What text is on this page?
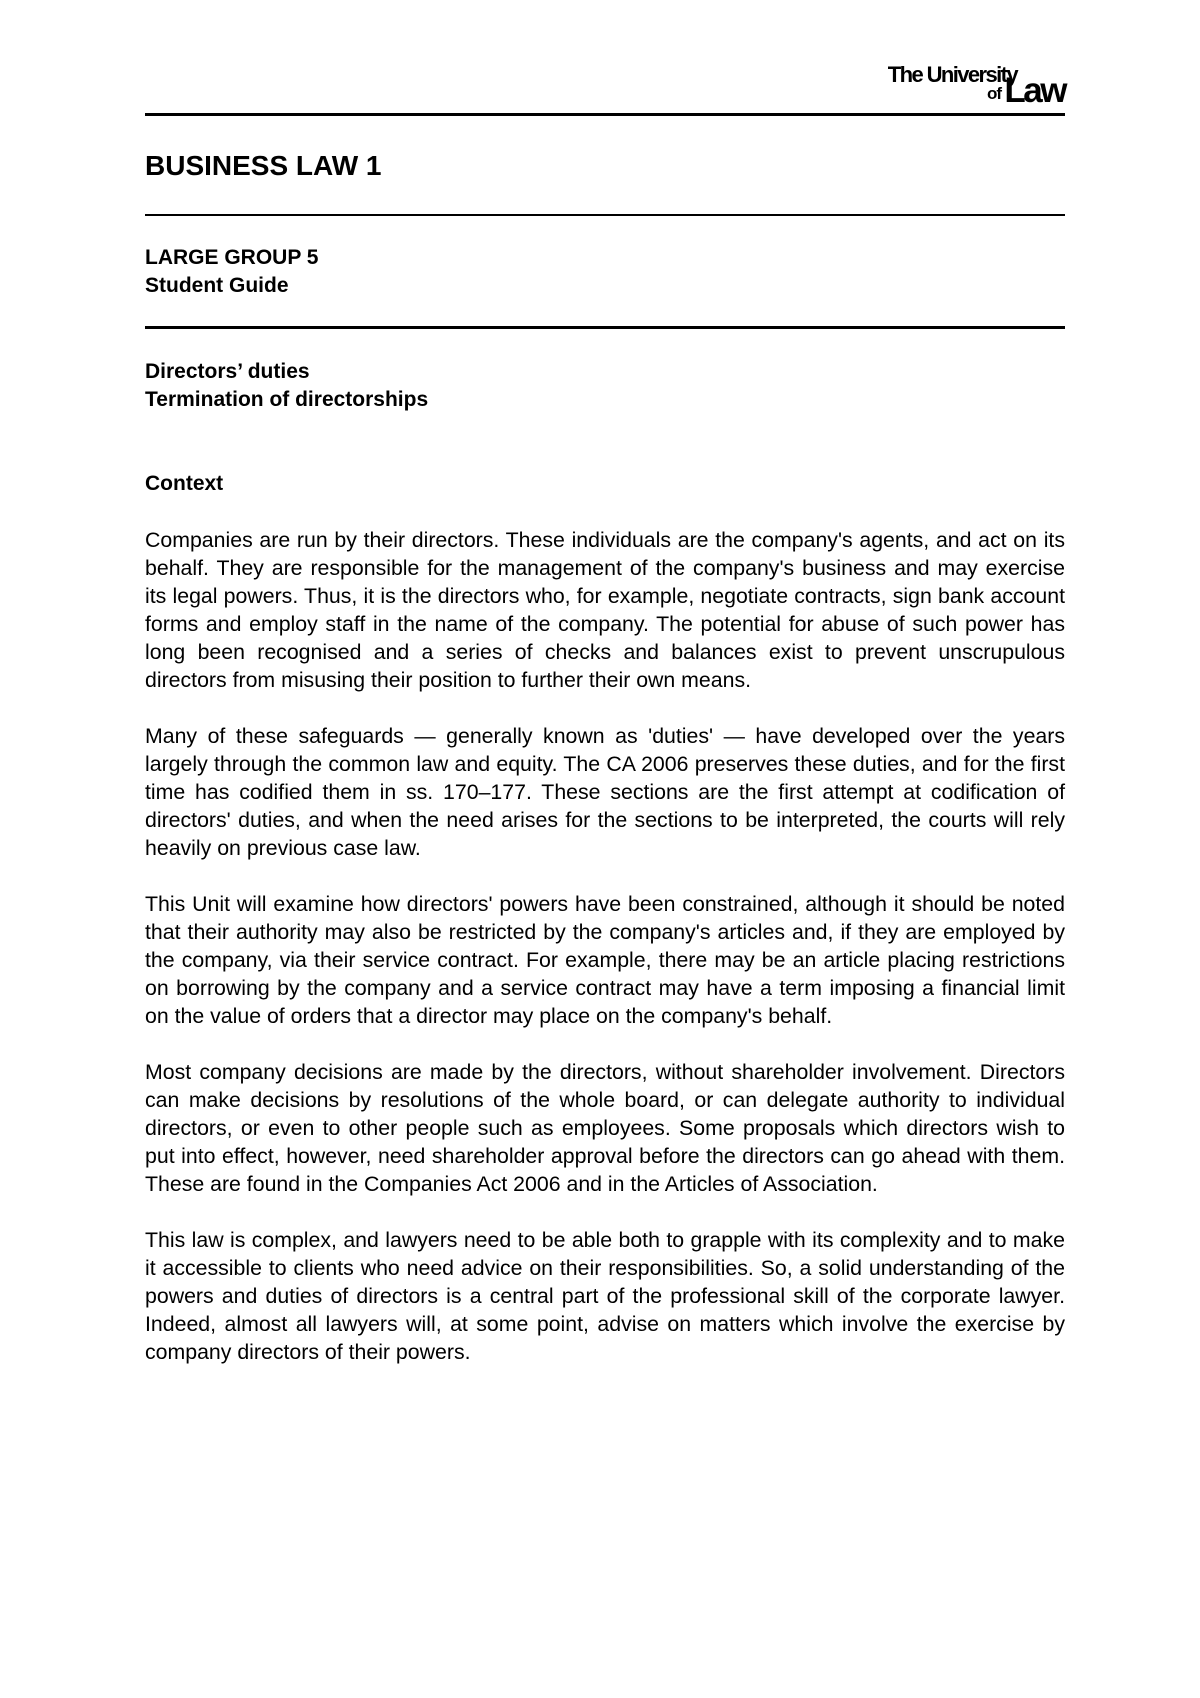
The University
of Law
BUSINESS LAW 1
LARGE GROUP 5
Student Guide
Directors’ duties
Termination of directorships
Context

Companies are run by their directors. These individuals are the company's agents, and act on its behalf. They are responsible for the management of the company's business and may exercise its legal powers. Thus, it is the directors who, for example, negotiate contracts, sign bank account forms and employ staff in the name of the company. The potential for abuse of such power has long been recognised and a series of checks and balances exist to prevent unscrupulous directors from misusing their position to further their own means.

Many of these safeguards — generally known as 'duties' — have developed over the years largely through the common law and equity. The CA 2006 preserves these duties, and for the first time has codified them in ss. 170–177. These sections are the first attempt at codification of directors' duties, and when the need arises for the sections to be interpreted, the courts will rely heavily on previous case law.

This Unit will examine how directors' powers have been constrained, although it should be noted that their authority may also be restricted by the company's articles and, if they are employed by the company, via their service contract. For example, there may be an article placing restrictions on borrowing by the company and a service contract may have a term imposing a financial limit on the value of orders that a director may place on the company's behalf.

Most company decisions are made by the directors, without shareholder involvement. Directors can make decisions by resolutions of the whole board, or can delegate authority to individual directors, or even to other people such as employees. Some proposals which directors wish to put into effect, however, need shareholder approval before the directors can go ahead with them. These are found in the Companies Act 2006 and in the Articles of Association.

This law is complex, and lawyers need to be able both to grapple with its complexity and to make it accessible to clients who need advice on their responsibilities. So, a solid understanding of the powers and duties of directors is a central part of the professional skill of the corporate lawyer. Indeed, almost all lawyers will, at some point, advise on matters which involve the exercise by company directors of their powers.
